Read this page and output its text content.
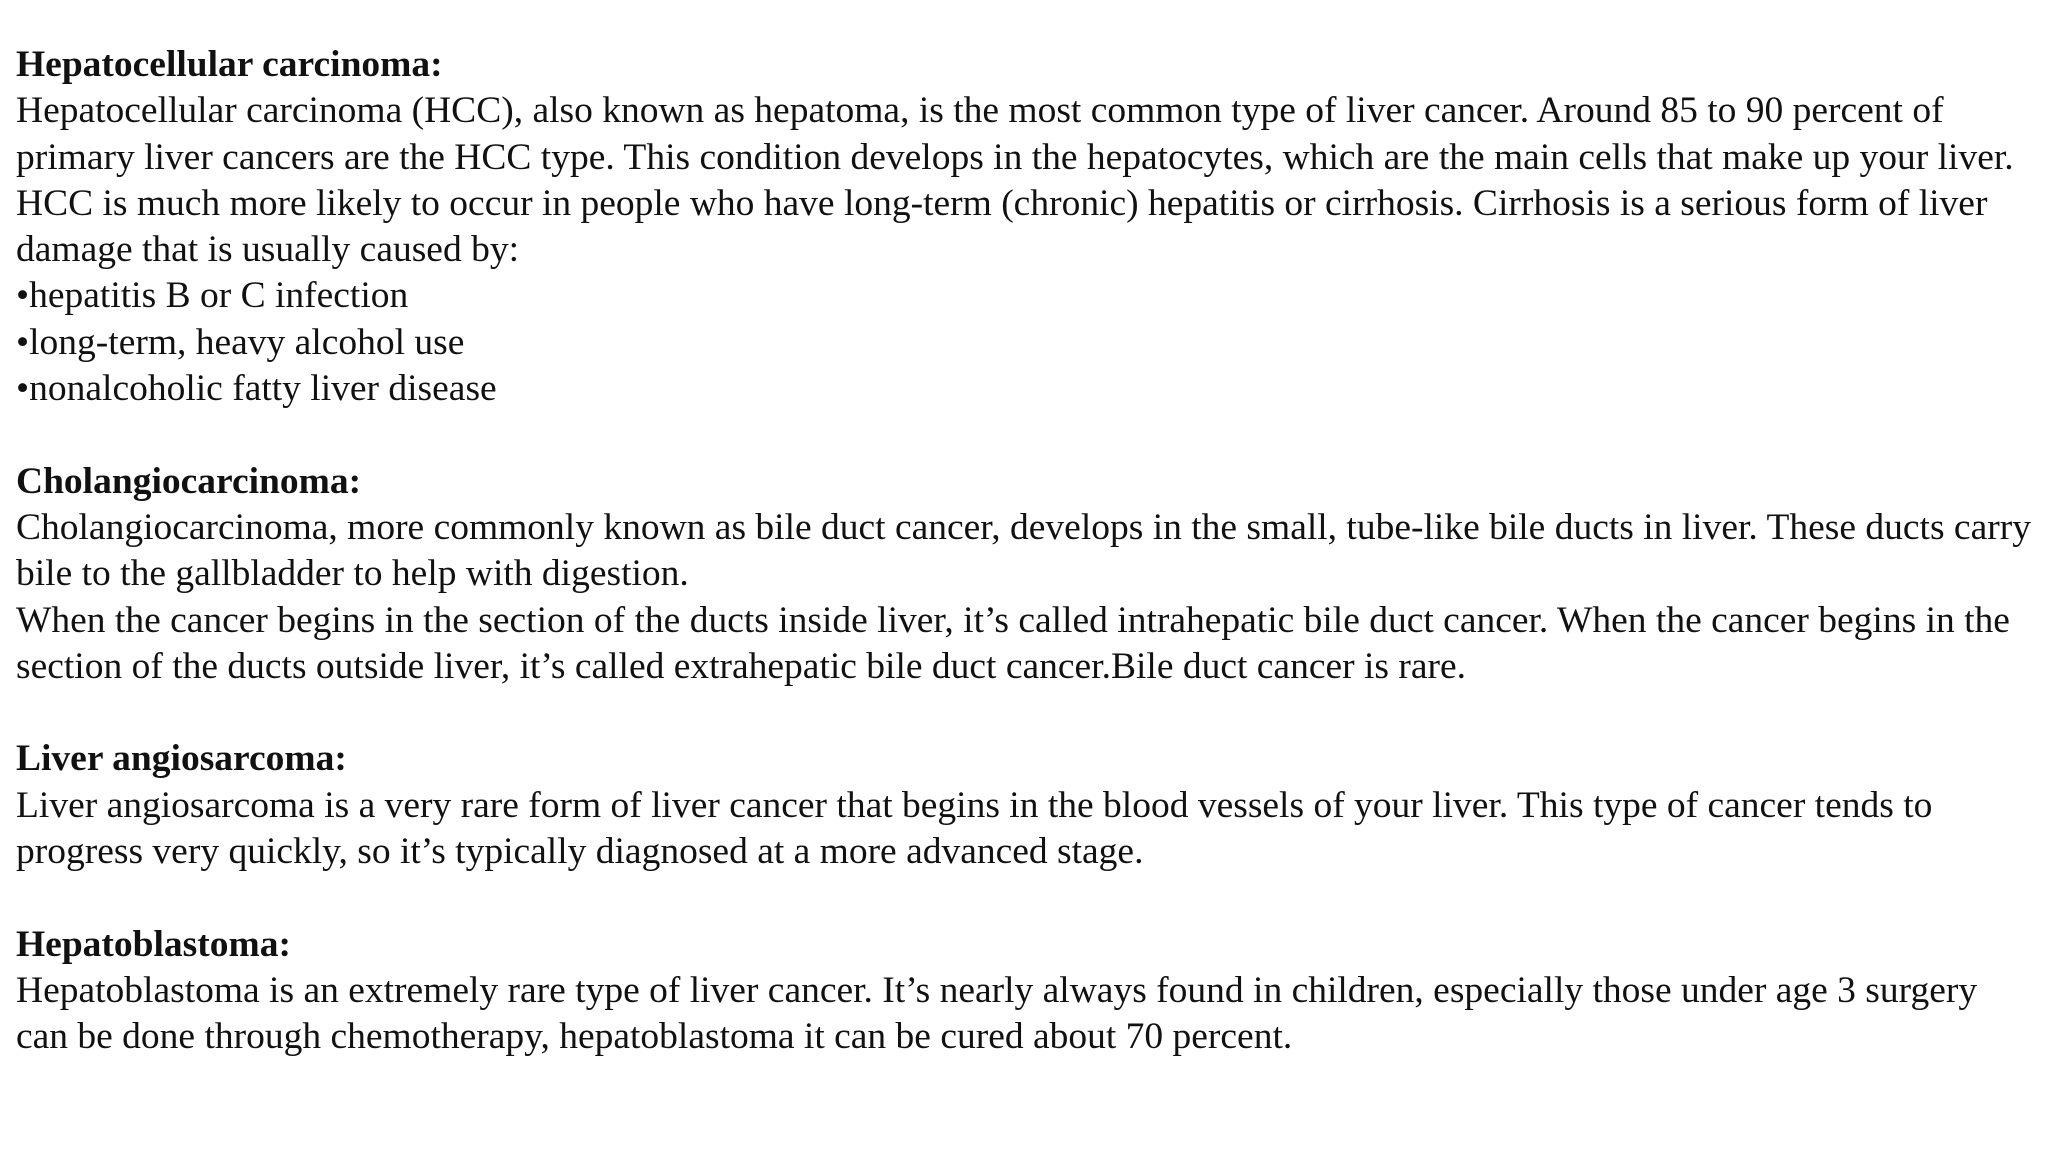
Hepatocellular carcinoma:

Hepatocellular carcinoma (HCC), also known as hepatoma, is the most common type of liver cancer. Around 85 to 90 percent of primary liver cancers are the HCC type. This condition develops in the hepatocytes, which are the main cells that make up your liver.

HCC is much more likely to occur in people who have long-term (chronic) hepatitis or cirrhosis. Cirrhosis is a serious form of liver damage that is usually caused by:

• hepatitis B or C infection
• long-term, heavy alcohol use
• nonalcoholic fatty liver disease

Cholangiocarcinoma:

Cholangiocarcinoma, more commonly known as bile duct cancer, develops in the small, tube-like bile ducts in liver. These ducts carry bile to the gallbladder to help with digestion.

When the cancer begins in the section of the ducts inside liver, it’s called intrahepatic bile duct cancer. When the cancer begins in the section of the ducts outside liver, it’s called extrahepatic bile duct cancer.Bile duct cancer is rare.

Liver angiosarcoma:

Liver angiosarcoma is a very rare form of liver cancer that begins in the blood vessels of your liver. This type of cancer tends to progress very quickly, so it’s typically diagnosed at a more advanced stage.

Hepatoblastoma:

Hepatoblastoma is an extremely rare type of liver cancer. It’s nearly always found in children, especially those under age 3 surgery can be done through chemotherapy, hepatoblastoma it can be cured about 70 percent.
